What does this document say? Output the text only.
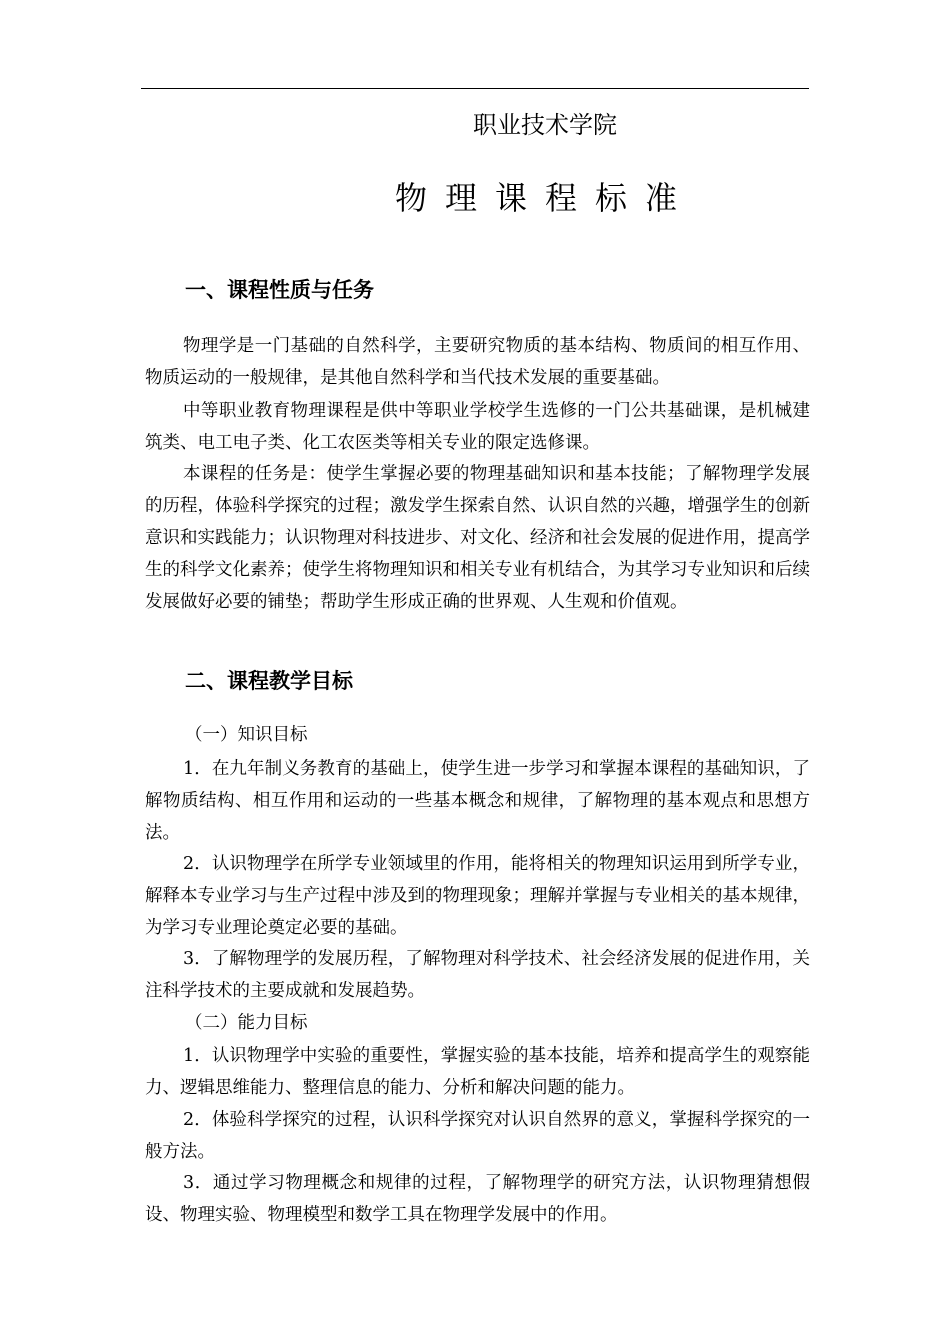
职业技术学院
物理课程标准
一、课程性质与任务

物理学是一门基础的自然科学，主要研究物质的基本结构、物质间的相互作用、物质运动的一般规律，是其他自然科学和当代技术发展的重要基础。

中等职业教育物理课程是供中等职业学校学生选修的一门公共基础课，是机械建筑类、电工电子类、化工农医类等相关专业的限定选修课。

本课程的任务是：使学生掌握必要的物理基础知识和基本技能；了解物理学发展的历程，体验科学探究的过程；激发学生探索自然、认识自然的兴趣，增强学生的创新意识和实践能力；认识物理对科技进步、对文化、经济和社会发展的促进作用，提高学生的科学文化素养；使学生将物理知识和相关专业有机结合，为其学习专业知识和后续发展做好必要的铺垫；帮助学生形成正确的世界观、人生观和价值观。

二、课程教学目标

（一）知识目标

1．在九年制义务教育的基础上，使学生进一步学习和掌握本课程的基础知识，了解物质结构、相互作用和运动的一些基本概念和规律，了解物理的基本观点和思想方法。

2．认识物理学在所学专业领域里的作用，能将相关的物理知识运用到所学专业，解释本专业学习与生产过程中涉及到的物理现象；理解并掌握与专业相关的基本规律，为学习专业理论奠定必要的基础。

3．了解物理学的发展历程，了解物理对科学技术、社会经济发展的促进作用，关注科学技术的主要成就和发展趋势。

（二）能力目标

1．认识物理学中实验的重要性，掌握实验的基本技能，培养和提高学生的观察能力、逻辑思维能力、整理信息的能力、分析和解决问题的能力。

2．体验科学探究的过程，认识科学探究对认识自然界的意义，掌握科学探究的一般方法。

3．通过学习物理概念和规律的过程，了解物理学的研究方法，认识物理猜想假设、物理实验、物理模型和数学工具在物理学发展中的作用。
